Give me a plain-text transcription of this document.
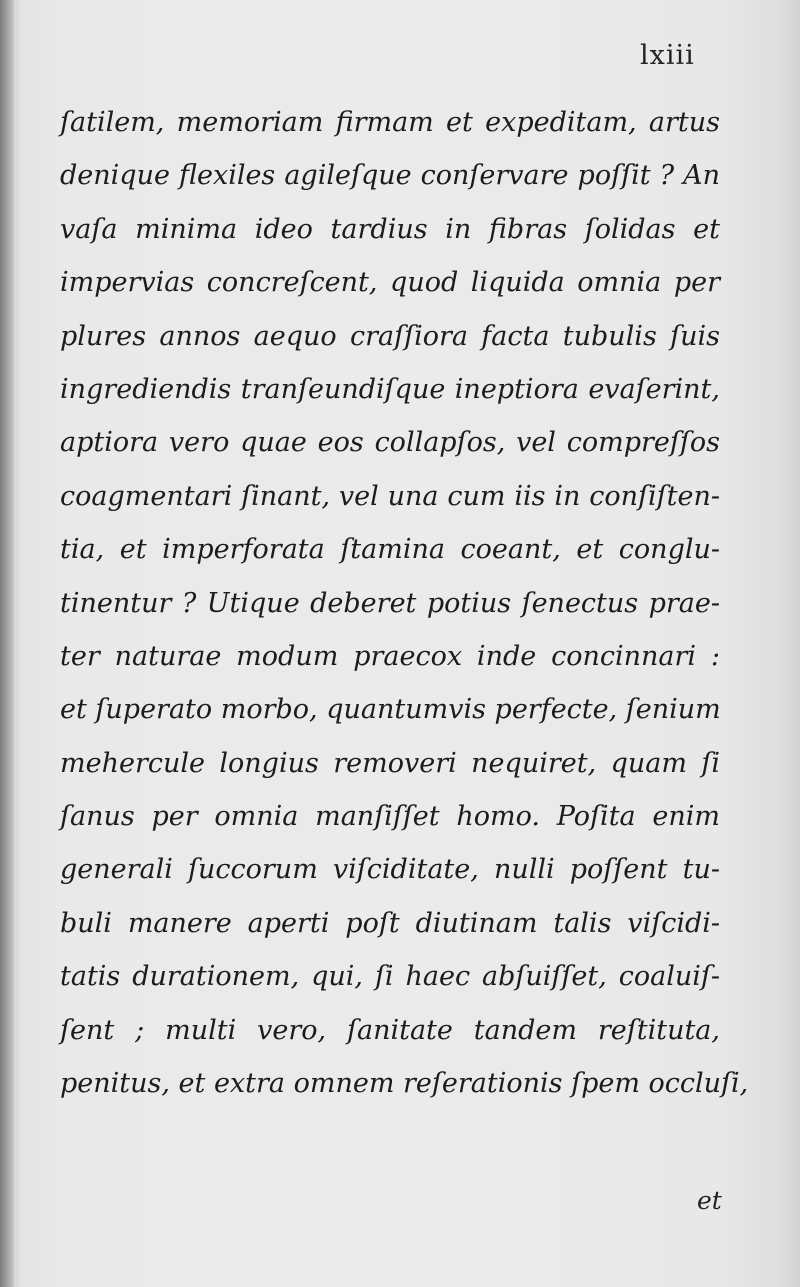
lxiii
ſatilem, memoriam firmam et expeditam, artus
denique flexiles agileſque conſervare poſſit ? An
vaſa minima ideo tardius in fibras ſolidas et
impervias concreſcent, quod liquida omnia per
plures annos aequo craſſiora facta tubulis ſuis
ingrediendis tranſeundiſque ineptiora evaſerint,
aptiora vero quae eos collapſos, vel compreſſos
coagmentari ſinant, vel una cum iis in conſiſten-
tia, et imperforata ſtamina coeant, et conglu-
tinentur ? Utique deberet potius ſenectus prae-
ter naturae modum praecox inde concinnari :
et ſuperato morbo, quantumvis perfecte, ſenium
mehercule longius removeri nequiret, quam ſi
ſanus per omnia manſiſſet homo. Poſita enim
generali ſuccorum viſciditate, nulli poſſent tu-
buli manere aperti poſt diutinam talis viſcidi-
tatis durationem, qui, ſi haec abſuiſſet, coaluiſ-
ſent ; multi vero, ſanitate tandem reſtituta,
penitus, et extra omnem reſerationis ſpem occluſi,
et
